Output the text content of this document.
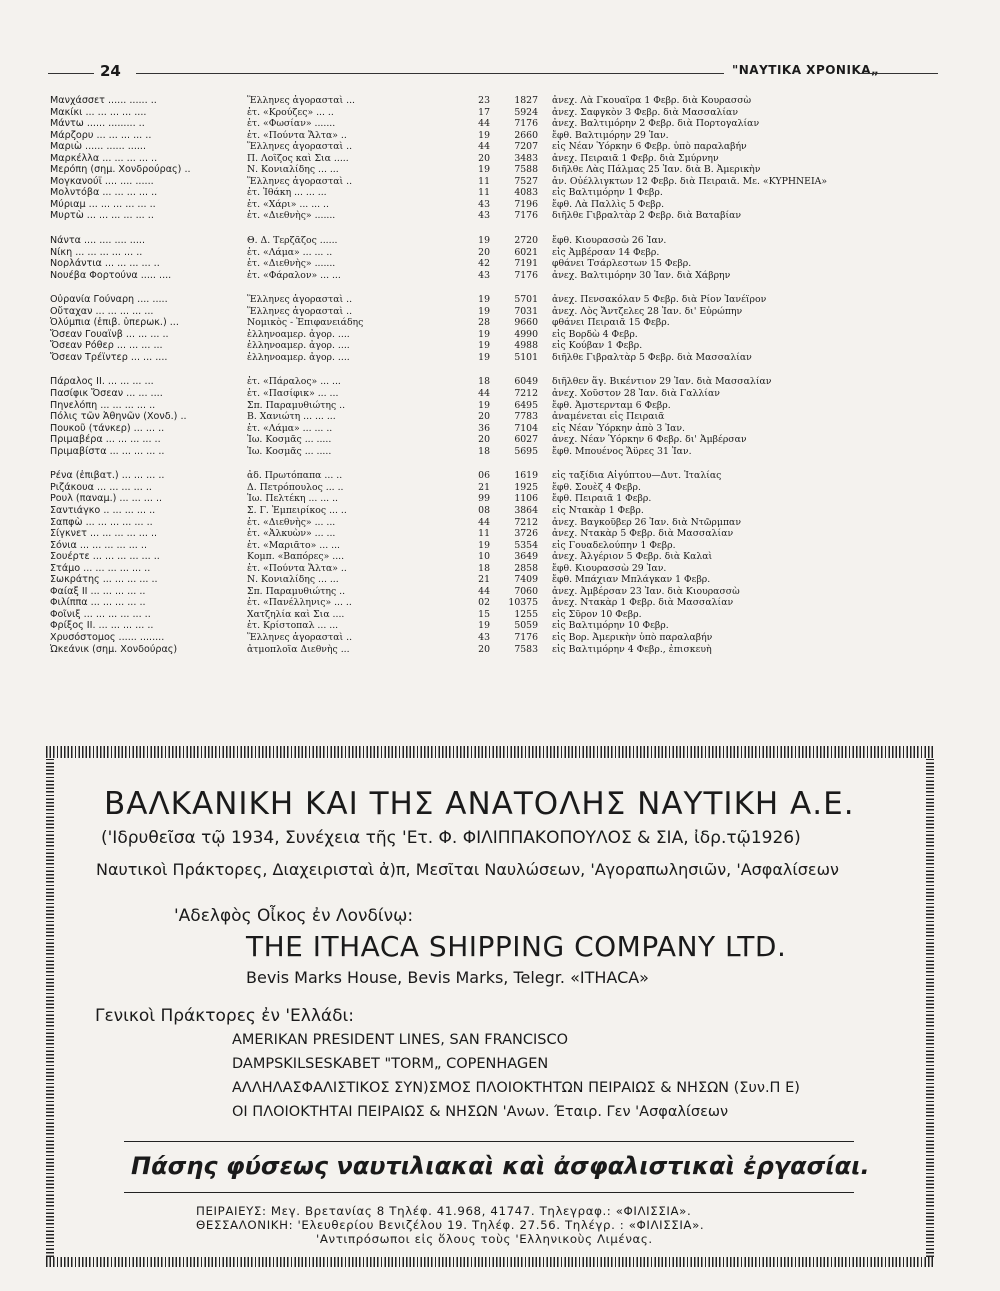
24	"ΝΑΥΤΙΚΑ ΧΡΟΝΙΚΑ„
Μανχάσσετ ...... ...... ..	Ἕλληνες ἀγορασταὶ ...	23	1827 ἀνεχ. Λὰ Γκουαΐρα 1 Φεβρ. διὰ Κουρασσὼ
Μακίκι ... ... ... ... ....	ἑτ. «Κρούζες» ... ..	17	5924 ἀνεχ. Σαφγκὸν 3 Φεβρ. διὰ Μασσαλίαν
Μάντω ...... ......... ..	ἑτ. «Φωσίαν» .......	44	7176 ἀνεχ. Βαλτιμόρην 2 Φεβρ. διὰ Πορτογαλίαν
Μάρζορυ ... ... ... ... ..	ἑτ. «Πούντα Ἄλτα» ..	19	2660 ἔφθ. Βαλτιμόρην 29 Ἰαν.
Μαριὼ ...... ...... ......	Ἕλληνες ἀγορασταὶ ..	44	7207 εἰς Νέαν Ὑόρκην 6 Φεβρ. ὑπὸ παραλαβήν
Μαρκέλλα ... ... ... ... ..	Π. Λοΐζος καὶ Σια .....	20	3483 ἀνεχ. Πειραιᾶ 1 Φεβρ. διὰ Σμύρνην
Μερόπη (σημ. Χονδρούρας) ..	Ν. Κονιαλίδης ... ...	19	7588 διῆλθε Λὰς Πάλμας 25 Ἰαν. διὰ Β. Ἀμερικὴν
Μογκανούϊ .... .... ......	Ἕλληνες ἀγορασταὶ ..	11	7527 ἀν. Οὐέλλιγκτων 12 Φεβρ. διὰ Πειραιᾶ. Με. «ΚΥΡΗΝΕΙΑ»
Μολντόβα ... ... ... ... ..	ἑτ. Ἰθάκη ... ... ...	11	4083 εἰς Βαλτιμόρην 1 Φεβρ.
Μύριαμ ... ... ... ... ... ..	ἑτ. «Χάρι» ... ... ..	43	7196 ἔφθ. Λὰ Παλλὶς 5 Φεβρ.
Μυρτὼ ... ... ... ... ... ..	ἑτ. «Διεθνὴς» .......	43	7176 διῆλθε Γιβραλτὰρ 2 Φεβρ. διὰ Βαταβίαν
Νάντα .... .... .... .....	Θ. Δ. Τερζᾶζος ......	19	2720 ἔφθ. Κιουρασσὼ 26 Ἰαν.
Νίκη ... ... ... ... ... ..	ἑτ. «Λάμα» ... ... ..	20	6021 εἰς Ἀμβέρσαν 14 Φεβρ.
Νορλάντια ... ... ... ... ..	ἑτ. «Διεθνὴς» .......	42	7191 φθάνει Τσάρλεστων 15 Φεβρ.
Νουέβα Φορτούνα ..... ....	ἑτ. «Φάραλον» ... ...	43	7176 ἀνεχ. Βαλτιμόρην 30 Ἰαν. διὰ Χάβρην
Οὐρανία Γούναρη .... .....	Ἕλληνες ἀγορασταὶ ..	19	5701 ἀνεχ. Πενσακόλαν 5 Φεβρ. διὰ Ρίον Ἰανέϊρον
Οὔταχαν ... ... ... ... ...	Ἕλληνες ἀγορασταὶ ..	19	7031 ἀνεχ. Λὸς Ἄντζελες 28 Ἰαν. δι' Εὐρώπην
Ὀλύμπια (ἐπιβ. ὑπερωκ.) ...	Νομικὸς - Ἐπιφανειάδης	28	9660 φθάνει Πειραιᾶ 15 Φεβρ.
Ὄσεαν Γουαϊνβ ... ... ... ..	ἑλληνοαμερ. ἀγορ. ....	19	4990 εἰς Βορδὼ 4 Φεβρ.
Ὄσεαν Ρόθερ ... ... ... ...	ἑλληνοαμερ. ἀγορ. ....	19	4988 εἰς Κούβαν 1 Φεβρ.
Ὄσεαν Τρέϊντερ ... ... ....	ἑλληνοαμερ. ἀγορ. ....	19	5101 διῆλθε Γιβραλτὰρ 5 Φεβρ. διὰ Μασσαλίαν
Πάραλος ΙΙ. ... ... ... ...	ἑτ. «Πάραλος» ... ...	18	6049 διῆλθεν ἅγ. Βικέντιον 29 Ἰαν. διὰ Μασσαλίαν
Πασίφικ Ὄσεαν ... ... ....	ἑτ. «Πασίφικ» ... ...	44	7212 ἀνεχ. Χοῦστον 28 Ἰαν. διὰ Γαλλίαν
Πηνελόπη ... ... ... ... ..	Σπ. Παραμυθιώτης ..	19	6495 ἔφθ. Ἀμστερνταμ 6 Φεβρ.
Πόλις τῶν Ἀθηνῶν (Χονδ.) ..	Β. Χανιώτη ... ... ...	20	7783 ἀναμένεται εἰς Πειραιᾶ
Πουκοῦ (τάνκερ) ... ... ..	ἑτ. «Λάμα» ... ... ..	36	7104 εἰς Νέαν Ὑόρκην ἀπὸ 3 Ἰαν.
Πριμαβέρα ... ... ... ... ..	Ἰω. Κοσμᾶς ... .....	20	6027 ἀνεχ. Νέαν Ὑόρκην 6 Φεβρ. δι' Ἀμβέρσαν
Πριμαβίστα ... ... ... ... ..	Ἰω. Κοσμᾶς ... .....	18	5695 ἔφθ. Μπουένος Ἄϋρες 31 Ἰαν.
Ρένα (ἐπιβατ.) ... ... ... ..	ἀδ. Πρωτόπαπα ... ..	06	1619 εἰς ταξίδια Αἰγύπτου—Δυτ. Ἰταλίας
Ριζάκουα ... ... ... ... ..	Δ. Πετρόπουλος ... ..	21	1925 ἔφθ. Σουὲζ 4 Φεβρ.
Ρουλ (παναμ.) ... ... ... ..	Ἰω. Πελτέκη ... ... ..	99	1106 ἔφθ. Πειραιᾶ 1 Φεβρ.
Σαντιάγκο .. ... ... ... ..	Σ. Γ. Ἐμπειρίκος ... ..	08	3864 εἰς Ντακὰρ 1 Φεβρ.
Σαπφὼ ... ... ... ... ... ..	ἑτ. «Διεθνὴς» ... ...	44	7212 ἀνεχ. Βαγκοῦβερ 26 Ἰαν. διὰ Ντῶρμπαν
Σίγκνετ ... ... ... ... ... ..	ἑτ. «Ἀλκυὼν» ... ...	11	3726 ἀνεχ. Ντακὰρ 5 Φεβρ. διὰ Μασσαλίαν
Σόνια ... ... ... ... ... ..	ἑτ. «Μαριᾶτο» ... ...	19	5354 εἰς Γουαδελούπην 1 Φεβρ.
Σουέρτε ... ... ... ... ... ..	Κομπ. «Βαπόρες» ....	10	3649 ἀνεχ. Ἀλγέριον 5 Φεβρ. διὰ Καλαὶ
Στάμο ... ... ... ... ... ..	ἑτ. «Πούντα Ἄλτα» ..	18	2858 ἔφθ. Κιουρασσὼ 29 Ἰαν.
Σωκράτης ... ... ... ... ..	Ν. Κονιαλίδης ... ...	21	7409 ἔφθ. Μπάχιαν Μπλάγκαν 1 Φεβρ.
Φαίαξ ΙΙ ... ... ... ... ..	Σπ. Παραμυθιώτης ..	44	7060 ἀνεχ. Ἀμβέρσαν 23 Ἰαν. διὰ Κιουρασσὼ
Φιλίππα ... ... ... ... ..	ἑτ. «Πανέλληνις» ... ..	02	10375 ἀνεχ. Ντακὰρ 1 Φεβρ. διὰ Μασσαλίαν
Φοῖνιξ ... ... ... ... ... ..	Χατζηλία καὶ Σια ....	15	1255 εἰς Σῦρον 10 Φεβρ.
Φρίξος ΙΙ. ... ... ... ... ..	ἑτ. Κρίστοπαλ ... ...	19	5059 εἰς Βαλτιμόρην 10 Φεβρ.
Χρυσόστομος ...... ........	Ἕλληνες ἀγορασταὶ ..	43	7176 εἰς Βορ. Ἀμερικὴν ὑπὸ παραλαβήν
Ὠκεάνικ (σημ. Χονδούρας)	ἀτμοπλοΐα Διεθνὴς ...	20	7583 εἰς Βαλτιμόρην 4 Φεβρ., ἐπισκευὴ
ΒΑΛΚΑΝΙΚΗ ΚΑΙ ΤΗΣ ΑΝΑΤΟΛΗΣ ΝΑΥΤΙΚΗ Α.Ε.
('Ιδρυθεῖσα τῷ 1934, Συνέχεια τῆς 'Ετ. Φ. ΦΙΛΙΠΠΑΚΟΠΟΥΛΟΣ & ΣΙΑ, ἰδρ.τῷ1926)
Ναυτικοὶ Πράκτορες, Διαχειρισταὶ ἀ)π, Μεσῖται Ναυλώσεων, 'Αγοραπωλησιῶν, 'Ασφαλίσεων
'Αδελφὸς Οἶκος ἐν Λονδίνῳ:
THE ITHACA SHIPPING COMPANY LTD.
Bevis Marks House, Bevis Marks, Telegr. «ITHACA»
Γενικοὶ Πράκτορες ἐν 'Ελλάδι:
AMERIKAN PRESIDENT LINES, SAN FRANCISCO
DAMPSKILSESKABET "TORM„ COPENHAGEN
ΑΛΛΗΛΑΣΦΑΛΙΣΤΙΚΟΣ ΣΥΝ)ΣΜΟΣ ΠΛΟΙΟΚΤΗΤΩΝ ΠΕΙΡΑΙΩΣ & ΝΗΣΩΝ (Συν.Π Ε)
ΟΙ ΠΛΟΙΟΚΤΗΤΑΙ ΠΕΙΡΑΙΩΣ & ΝΗΣΩΝ 'Ανων. Έταιρ. Γεν 'Ασφαλίσεων
Πάσης φύσεως ναυτιλιακαὶ καὶ ἀσφαλιστικαὶ ἐργασίαι.
ΠΕΙΡΑΙΕΥΣ: Μεγ. Βρετανίας 8 Τηλέφ. 41.968, 41747. Τηλεγραφ.: «ΦΙΛΙΣΣΙΑ».
ΘΕΣΣΑΛΟΝΙΚΗ: 'Ελευθερίου Βενιζέλου 19. Τηλέφ. 27.56. Τηλέγρ. : «ΦΙΛΙΣΣΙΑ».
'Αντιπρόσωποι εἰς ὅλους τοὺς 'Ελληνικοὺς Λιμένας.
